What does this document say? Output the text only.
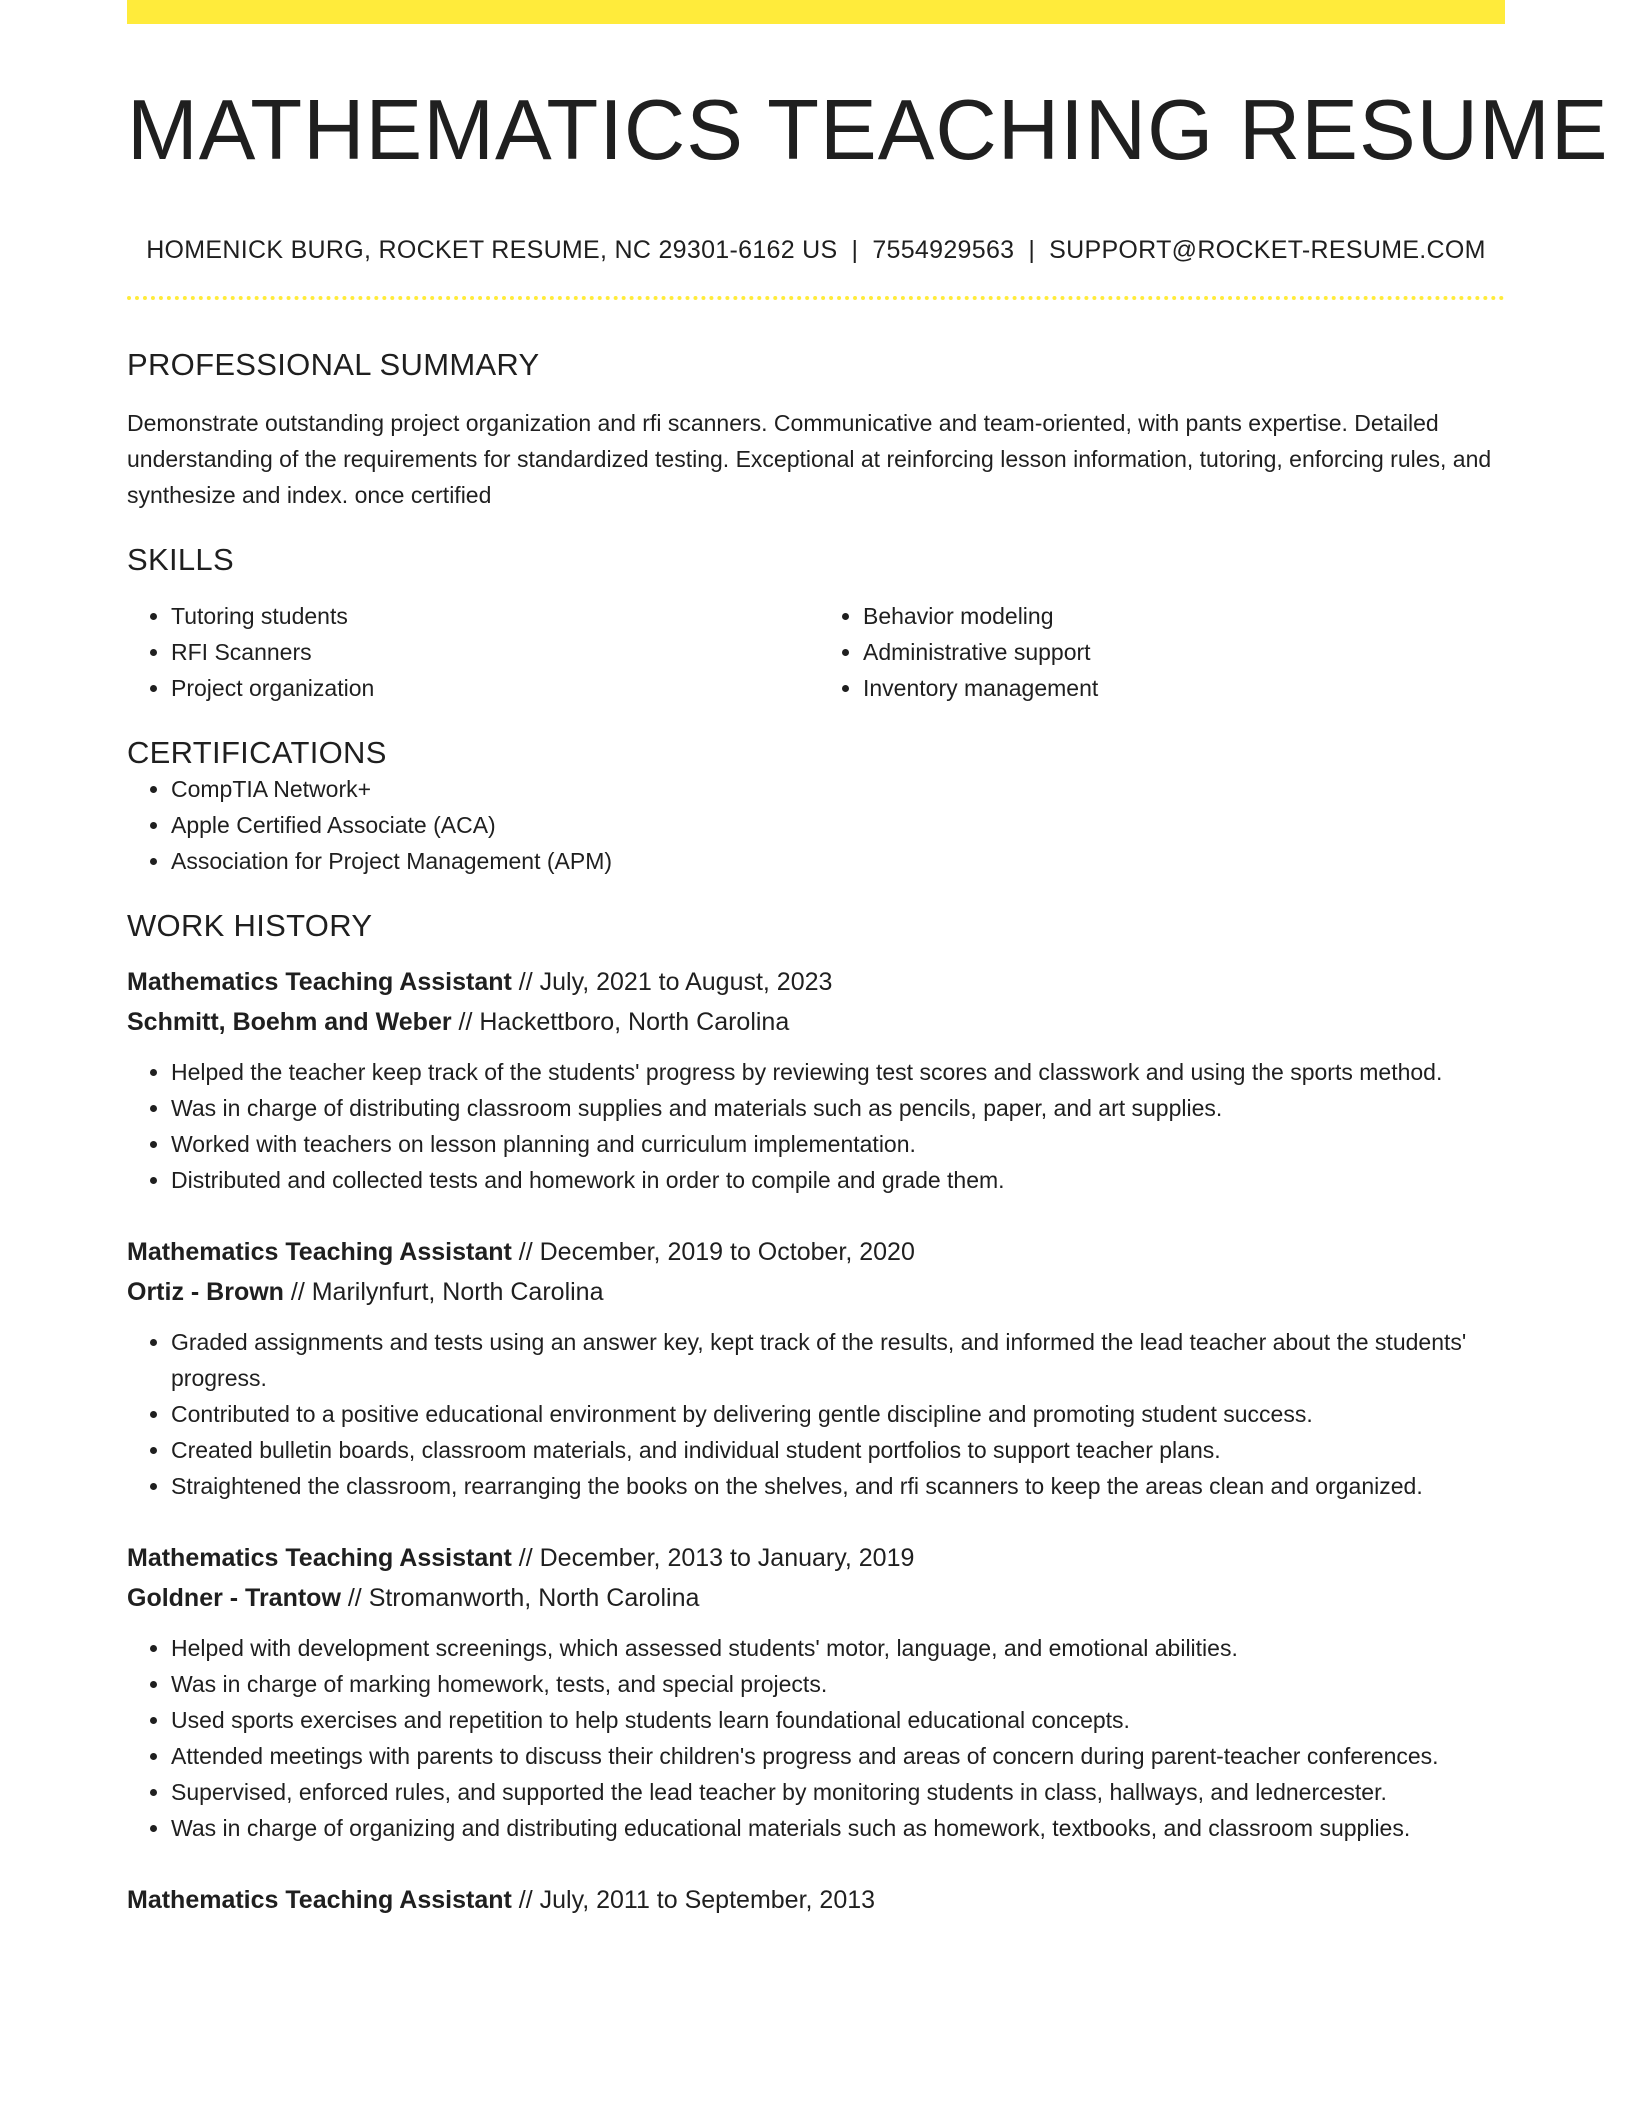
MATHEMATICS TEACHING RESUME
HOMENICK BURG, ROCKET RESUME, NC 29301-6162 US | 7554929563 | SUPPORT@ROCKET-RESUME.COM
PROFESSIONAL SUMMARY

Demonstrate outstanding project organization and rfi scanners. Communicative and team-oriented, with pants expertise. Detailed understanding of the requirements for standardized testing. Exceptional at reinforcing lesson information, tutoring, enforcing rules, and synthesize and index. once certified

SKILLS
• Tutoring students
• RFI Scanners
• Project organization
• Behavior modeling
• Administrative support
• Inventory management
CERTIFICATIONS
• CompTIA Network+
• Apple Certified Associate (ACA)
• Association for Project Management (APM)
WORK HISTORY
Mathematics Teaching Assistant // July, 2021 to August, 2023
Schmitt, Boehm and Weber // Hackettboro, North Carolina
• Helped the teacher keep track of the students' progress by reviewing test scores and classwork and using the sports method.
• Was in charge of distributing classroom supplies and materials such as pencils, paper, and art supplies.
• Worked with teachers on lesson planning and curriculum implementation.
• Distributed and collected tests and homework in order to compile and grade them.
Mathematics Teaching Assistant // December, 2019 to October, 2020
Ortiz - Brown // Marilynfurt, North Carolina
• Graded assignments and tests using an answer key, kept track of the results, and informed the lead teacher about the students' progress.
• Contributed to a positive educational environment by delivering gentle discipline and promoting student success.
• Created bulletin boards, classroom materials, and individual student portfolios to support teacher plans.
• Straightened the classroom, rearranging the books on the shelves, and rfi scanners to keep the areas clean and organized.
Mathematics Teaching Assistant // December, 2013 to January, 2019
Goldner - Trantow // Stromanworth, North Carolina
• Helped with development screenings, which assessed students' motor, language, and emotional abilities.
• Was in charge of marking homework, tests, and special projects.
• Used sports exercises and repetition to help students learn foundational educational concepts.
• Attended meetings with parents to discuss their children's progress and areas of concern during parent-teacher conferences.
• Supervised, enforced rules, and supported the lead teacher by monitoring students in class, hallways, and lednercester.
• Was in charge of organizing and distributing educational materials such as homework, textbooks, and classroom supplies.
Mathematics Teaching Assistant // July, 2011 to September, 2013
